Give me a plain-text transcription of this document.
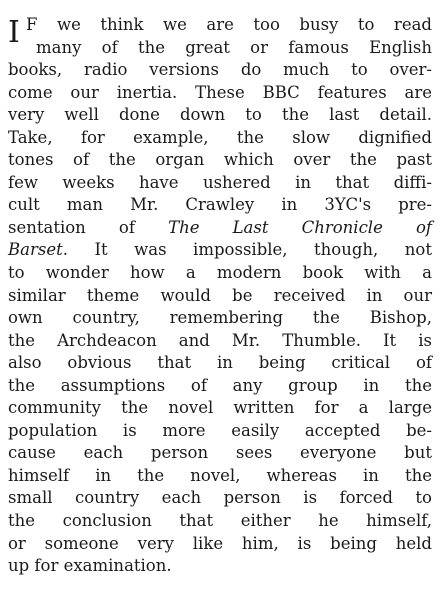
I F we think we are too busy to read
many of the great or famous English
books, radio versions do much to over-
come our inertia. These BBC features are
very well done down to the last detail.
Take, for example, the slow dignified
tones of the organ which over the past
few weeks have ushered in that diffi-
cult man Mr. Crawley in 3YC's pre-
sentation of The Last Chronicle of
Barset. It was impossible, though, not
to wonder how a modern book with a
similar theme would be received in our
own country, remembering the Bishop,
the Archdeacon and Mr. Thumble. It is
also obvious that in being critical of
the assumptions of any group in the
community the novel written for a large
population is more easily accepted be-
cause each person sees everyone but
himself in the novel, whereas in the
small country each person is forced to
the conclusion that either he himself,
or someone very like him, is being held
up for examination.
